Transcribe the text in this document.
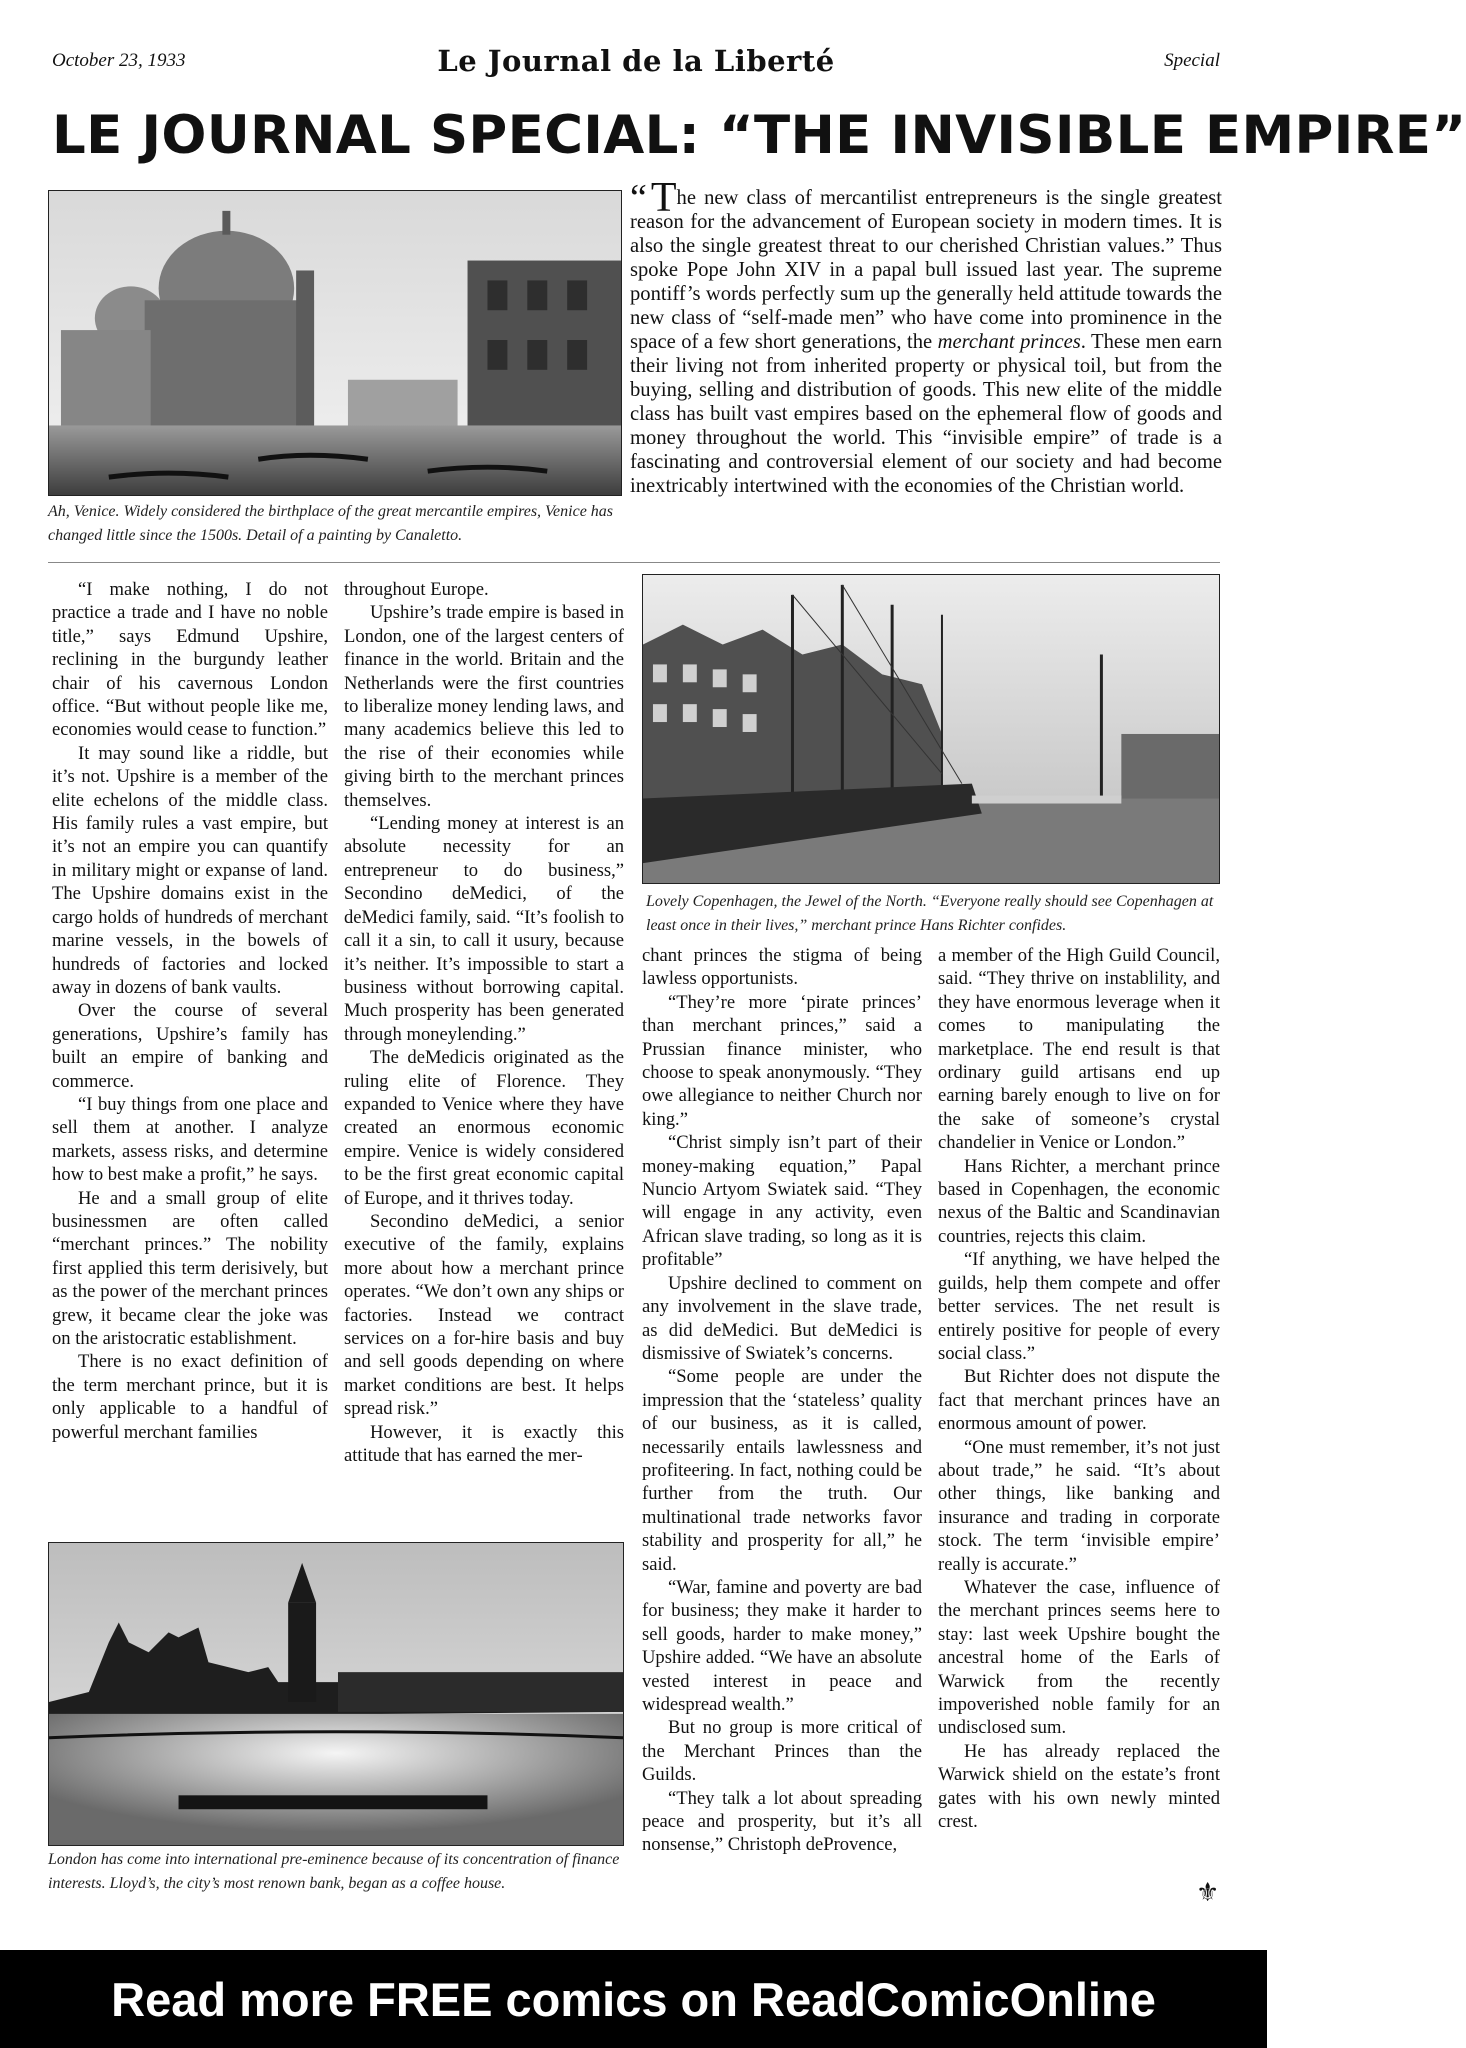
October 23, 1933	Le Journal de la Liberté	Special
LE JOURNAL SPECIAL: “THE INVISIBLE EMPIRE”
Ah, Venice. Widely considered the birthplace of the great mercantile empires, Venice has changed little since the 1500s. Detail of a painting by Canaletto.
“The new class of mercantilist entrepreneurs is the single greatest reason for the advancement of European society in modern times. It is also the single greatest threat to our cherished Christian values.” Thus spoke Pope John XIV in a papal bull issued last year. The supreme pontiff’s words perfectly sum up the generally held attitude towards the new class of “self-made men” who have come into prominence in the space of a few short generations, the merchant princes. These men earn their living not from inherited property or physical toil, but from the buying, selling and distribution of goods. This new elite of the middle class has built vast empires based on the ephemeral flow of goods and money throughout the world. This “invisible empire” of trade is a fascinating and controversial element of our society and had become inextricably intertwined with the economies of the Christian world.

“I make nothing, I do not practice a trade and I have no noble title,” says Edmund Upshire, reclining in the burgundy leather chair of his cavernous London office. “But without people like me, economies would cease to function.”

It may sound like a riddle, but it’s not. Upshire is a member of the elite echelons of the middle class. His family rules a vast empire, but it’s not an empire you can quantify in military might or expanse of land. The Upshire domains exist in the cargo holds of hundreds of merchant marine vessels, in the bowels of hundreds of factories and locked away in dozens of bank vaults.

Over the course of several generations, Upshire’s family has built an empire of banking and commerce.

“I buy things from one place and sell them at another. I analyze markets, assess risks, and determine how to best make a profit,” he says.

He and a small group of elite businessmen are often called “merchant princes.” The nobility first applied this term derisively, but as the power of the merchant princes grew, it became clear the joke was on the aristocratic establishment.

There is no exact definition of the term merchant prince, but it is only applicable to a handful of powerful merchant families

throughout Europe.

Upshire’s trade empire is based in London, one of the largest centers of finance in the world. Britain and the Netherlands were the first countries to liberalize money lending laws, and many academics believe this led to the rise of their economies while giving birth to the merchant princes themselves.

“Lending money at interest is an absolute necessity for an entrepreneur to do business,” Secondino deMedici, of the deMedici family, said. “It’s foolish to call it a sin, to call it usury, because it’s neither. It’s impossible to start a business without borrowing capital. Much prosperity has been generated through moneylending.”

The deMedicis originated as the ruling elite of Florence. They expanded to Venice where they have created an enormous economic empire. Venice is widely considered to be the first great economic capital of Europe, and it thrives today.

Secondino deMedici, a senior executive of the family, explains more about how a merchant prince operates. “We don’t own any ships or factories. Instead we contract services on a for-hire basis and buy and sell goods depending on where market conditions are best. It helps spread risk.”

However, it is exactly this attitude that has earned the mer-

Lovely Copenhagen, the Jewel of the North. “Everyone really should see Copenhagen at least once in their lives,” merchant prince Hans Richter confides.

chant princes the stigma of being lawless opportunists.

“They’re more ‘pirate princes’ than merchant princes,” said a Prussian finance minister, who choose to speak anonymously. “They owe allegiance to neither Church nor king.”

“Christ simply isn’t part of their money-making equation,” Papal Nuncio Artyom Swiatek said. “They will engage in any activity, even African slave trading, so long as it is profitable”

Upshire declined to comment on any involvement in the slave trade, as did deMedici. But deMedici is dismissive of Swiatek’s concerns.

“Some people are under the impression that the ‘stateless’ quality of our business, as it is called, necessarily entails lawlessness and profiteering. In fact, nothing could be further from the truth. Our multinational trade networks favor stability and prosperity for all,” he said.

“War, famine and poverty are bad for business; they make it harder to sell goods, harder to make money,” Upshire added. “We have an absolute vested interest in peace and widespread wealth.”

But no group is more critical of the Merchant Princes than the Guilds.

“They talk a lot about spreading peace and prosperity, but it’s all nonsense,” Christoph deProvence,

a member of the High Guild Council, said. “They thrive on instablility, and they have enormous leverage when it comes to manipulating the marketplace. The end result is that ordinary guild artisans end up earning barely enough to live on for the sake of someone’s crystal chandelier in Venice or London.”

Hans Richter, a merchant prince based in Copenhagen, the economic nexus of the Baltic and Scandinavian countries, rejects this claim.

“If anything, we have helped the guilds, help them compete and offer better services. The net result is entirely positive for people of every social class.”

But Richter does not dispute the fact that merchant princes have an enormous amount of power.

“One must remember, it’s not just about trade,” he said. “It’s about other things, like banking and insurance and trading in corporate stock. The term ‘invisible empire’ really is accurate.”

Whatever the case, influence of the merchant princes seems here to stay: last week Upshire bought the ancestral home of the Earls of Warwick from the recently impoverished noble family for an undisclosed sum.

He has already replaced the Warwick shield on the estate’s front gates with his own newly minted crest.

⚜
London has come into international pre-eminence because of its concentration of finance interests. Lloyd’s, the city’s most renown bank, began as a coffee house.
Read more FREE comics on ReadComicOnline
